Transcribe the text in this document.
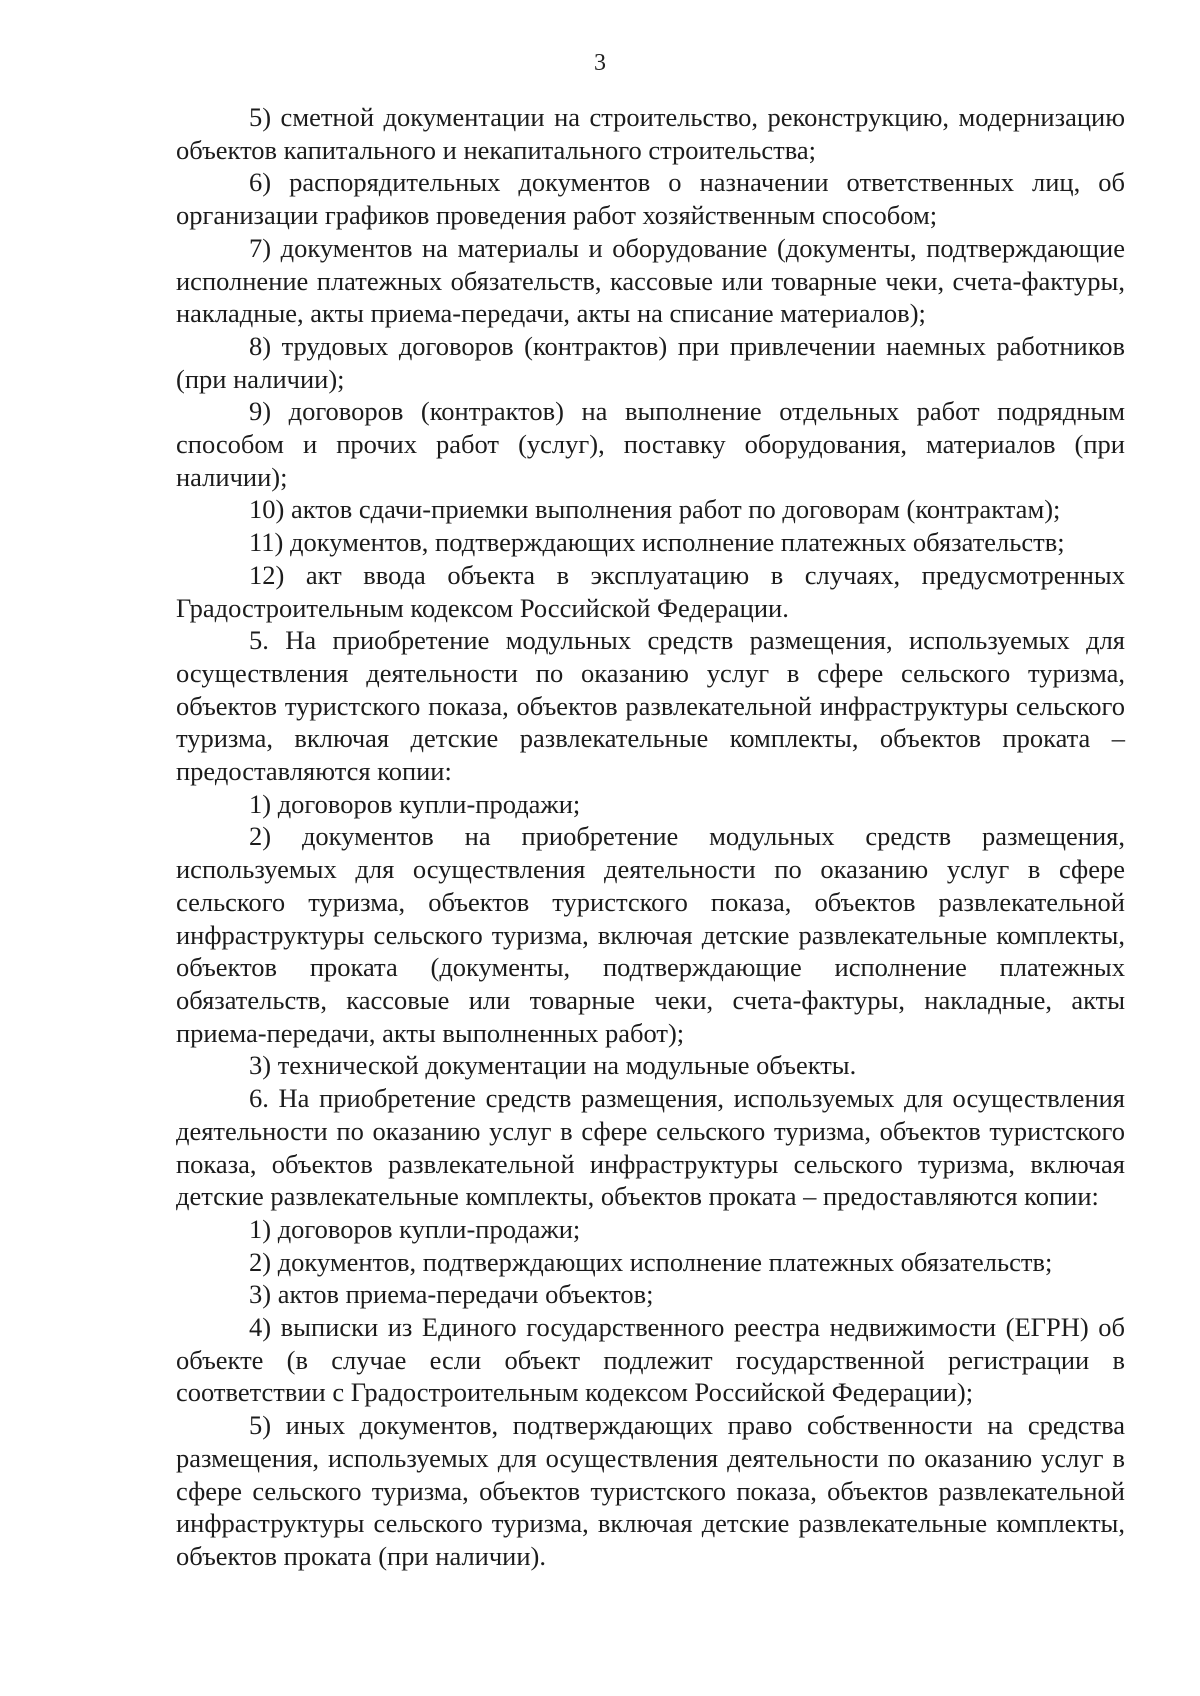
3

5) сметной документации на строительство, реконструкцию, модернизацию объектов капитального и некапитального строительства;

6) распорядительных документов о назначении ответственных лиц, об организации графиков проведения работ хозяйственным способом;

7) документов на материалы и оборудование (документы, подтверждающие исполнение платежных обязательств, кассовые или товарные чеки, счета-фактуры, накладные, акты приема-передачи, акты на списание материалов);

8) трудовых договоров (контрактов) при привлечении наемных работников (при наличии);

9) договоров (контрактов) на выполнение отдельных работ подрядным способом и прочих работ (услуг), поставку оборудования, материалов (при наличии);

10) актов сдачи-приемки выполнения работ по договорам (контрактам);

11) документов, подтверждающих исполнение платежных обязательств;

12) акт ввода объекта в эксплуатацию в случаях, предусмотренных Градостроительным кодексом Российской Федерации.

5. На приобретение модульных средств размещения, используемых для осуществления деятельности по оказанию услуг в сфере сельского туризма, объектов туристского показа, объектов развлекательной инфраструктуры сельского туризма, включая детские развлекательные комплекты, объектов проката – предоставляются копии:

1) договоров купли-продажи;

2) документов на приобретение модульных средств размещения, используемых для осуществления деятельности по оказанию услуг в сфере сельского туризма, объектов туристского показа, объектов развлекательной инфраструктуры сельского туризма, включая детские развлекательные комплекты, объектов проката (документы, подтверждающие исполнение платежных обязательств, кассовые или товарные чеки, счета-фактуры, накладные, акты приема-передачи, акты выполненных работ);

3) технической документации на модульные объекты.

6. На приобретение средств размещения, используемых для осуществления деятельности по оказанию услуг в сфере сельского туризма, объектов туристского показа, объектов развлекательной инфраструктуры сельского туризма, включая детские развлекательные комплекты, объектов проката – предоставляются копии:

1) договоров купли-продажи;

2) документов, подтверждающих исполнение платежных обязательств;

3) актов приема-передачи объектов;

4) выписки из Единого государственного реестра недвижимости (ЕГРН) об объекте (в случае если объект подлежит государственной регистрации в соответствии с Градостроительным кодексом Российской Федерации);

5) иных документов, подтверждающих право собственности на средства размещения, используемых для осуществления деятельности по оказанию услуг в сфере сельского туризма, объектов туристского показа, объектов развлекательной инфраструктуры сельского туризма, включая детские развлекательные комплекты, объектов проката (при наличии).
